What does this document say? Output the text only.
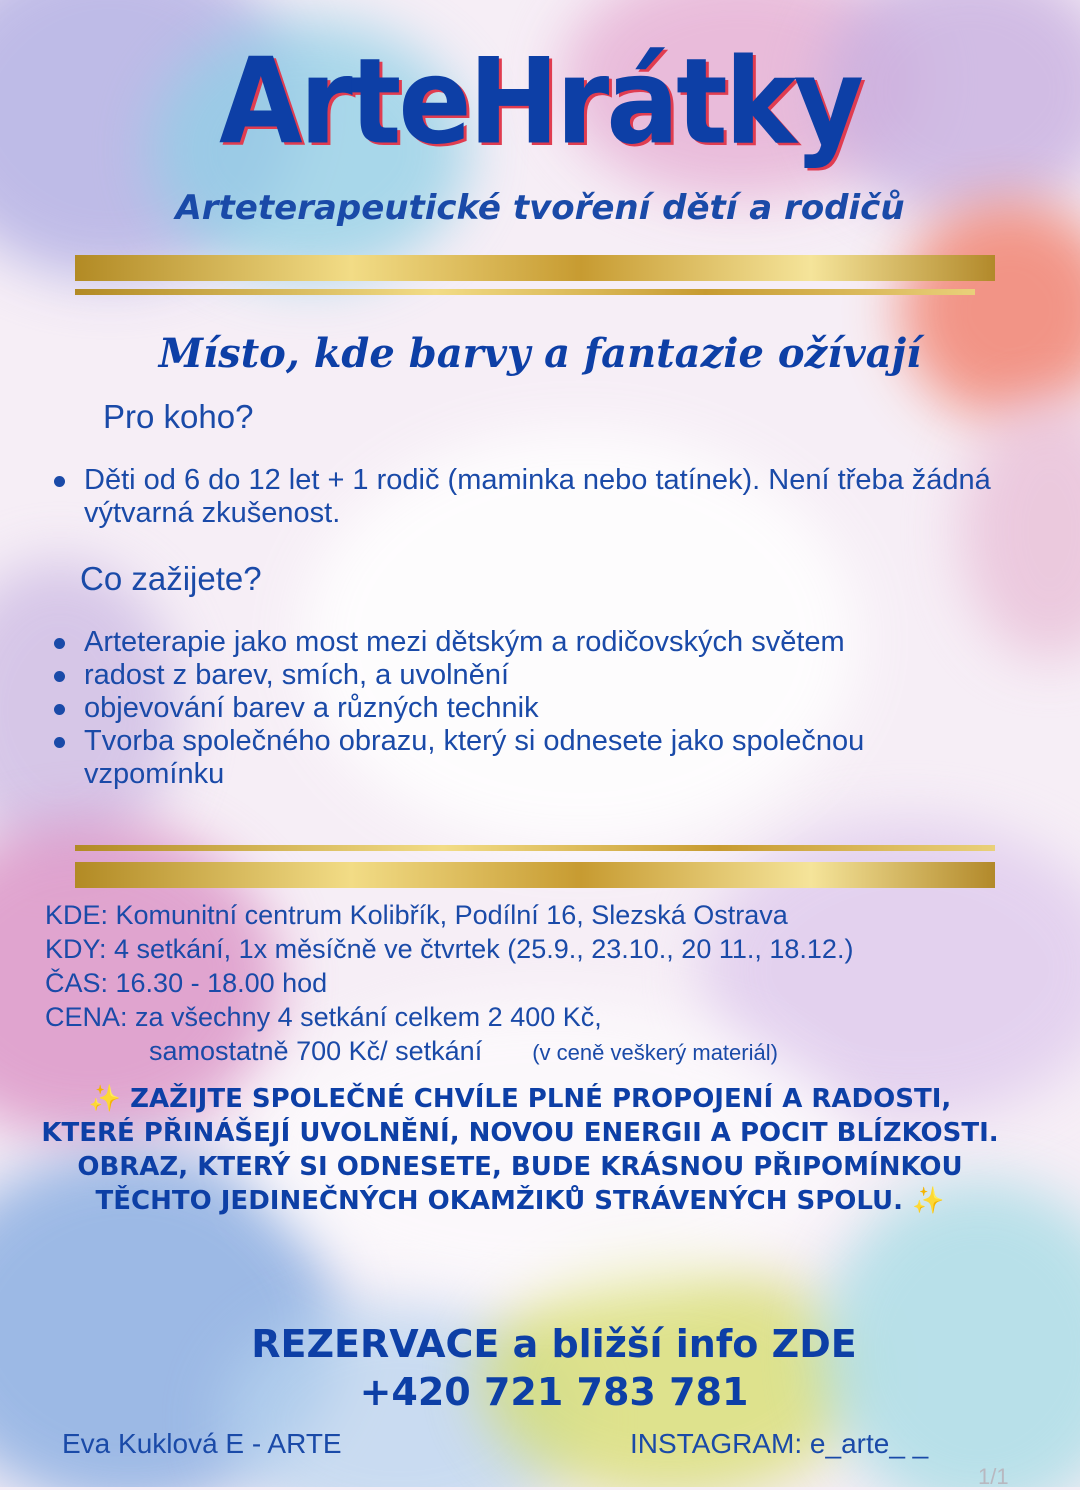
ArteHrátky
Arteterapeutické tvoření dětí a rodičů
Místo, kde barvy a fantazie ožívají
Pro koho?
Děti od 6 do 12 let + 1 rodič (maminka nebo tatínek). Není třeba žádná výtvarná zkušenost.
Co zažijete?
Arteterapie jako most mezi dětským a rodičovských světem
radost z barev, smích, a uvolnění
objevování barev a různých technik
Tvorba společného obrazu, který si odnesete jako společnou vzpomínku
KDE: Komunitní centrum Kolibřík, Podílní 16, Slezská Ostrava
KDY: 4 setkání, 1x měsíčně ve čtvrtek (25.9., 23.10., 20 11., 18.12.)
ČAS: 16.30 - 18.00 hod
CENA: za všechny 4 setkání celkem 2 400 Kč,
samostatně 700 Kč/ setkání (v ceně veškerý materiál)
✨ ZAŽIJTE SPOLEČNÉ CHVÍLE PLNÉ PROPOJENÍ A RADOSTI, KTERÉ PŘINÁŠEJÍ UVOLNĚNÍ, NOVOU ENERGII A POCIT BLÍZKOSTI. OBRAZ, KTERÝ SI ODNESETE, BUDE KRÁSNOU PŘIPOMÍNKOU TĚCHTO JEDINEČNÝCH OKAMŽIKŮ STRÁVENÝCH SPOLU. ✨
REZERVACE a bližší info ZDE
+420 721 783 781
Eva Kuklová E - ARTE	INSTAGRAM: e_arte_ _
1/1
